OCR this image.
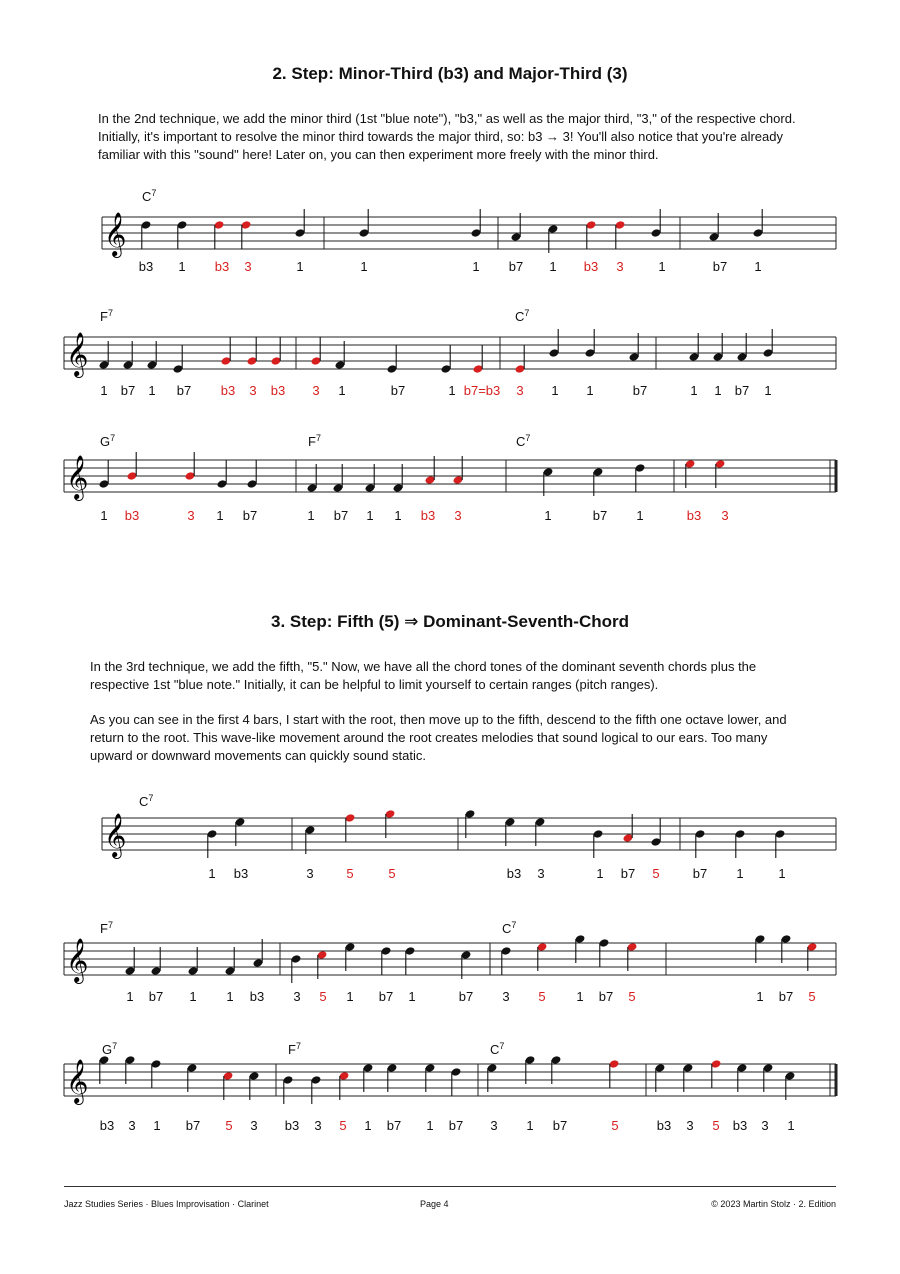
2. Step: Minor-Third (b3) and Major-Third (3)

In the 2nd technique, we add the minor third (1st "blue note"), "b3," as well as the major third, "3," of the respective chord. Initially, it's important to resolve the minor third towards the major third, so: b3 → 3! You'll also notice that you're already familiar with this "sound" here! Later on, you can then experiment more freely with the minor third.

𝄞
$C^7$
b3 1 b3 3	1	1	1 b7 1 b3 3	1	b7 1
𝄞
$F^7$	$C^7$
1 b7 1 b7 b3 3 b3 3 1	b7	1 b7=b3 3 1 1	b7	1 1 b7 1
𝄞
$G^7$	$F^7$	$C^7$
1 b3	3 1 b7	1 b7 1 1 b3 3	1	b7 1	b3 3
3. Step: Fifth (5) ⇒ Dominant-Seventh-Chord

In the 3rd technique, we add the fifth, "5." Now, we have all the chord tones of the dominant seventh chords plus the respective 1st "blue note." Initially, it can be helpful to limit yourself to certain ranges (pitch ranges).

As you can see in the first 4 bars, I start with the root, then move up to the fifth, descend to the fifth one octave lower, and return to the root. This wave-like movement around the root creates melodies that sound logical to our ears. Too many upward or downward movements can quickly sound static.

𝄞
$C^7$
1 b3	3	5	5	b3 3	1 b7 5	b7 1	1
𝄞
$F^7$	$C^7$
1 b7 1 1 b3 3 5 1 b7 1	b7 3 5 1 b7 5	1 b7 5
𝄞
$G^7$	$F^7$	$C^7$
b3 3 1 b7 5 3 b3 3 5 1 b7 1 b7 3 1 b7	5	b3 3 5 b3 3 1
Jazz Studies Series · Blues Improvisation · Clarinet	Page 4	© 2023 Martin Stolz · 2. Edition
